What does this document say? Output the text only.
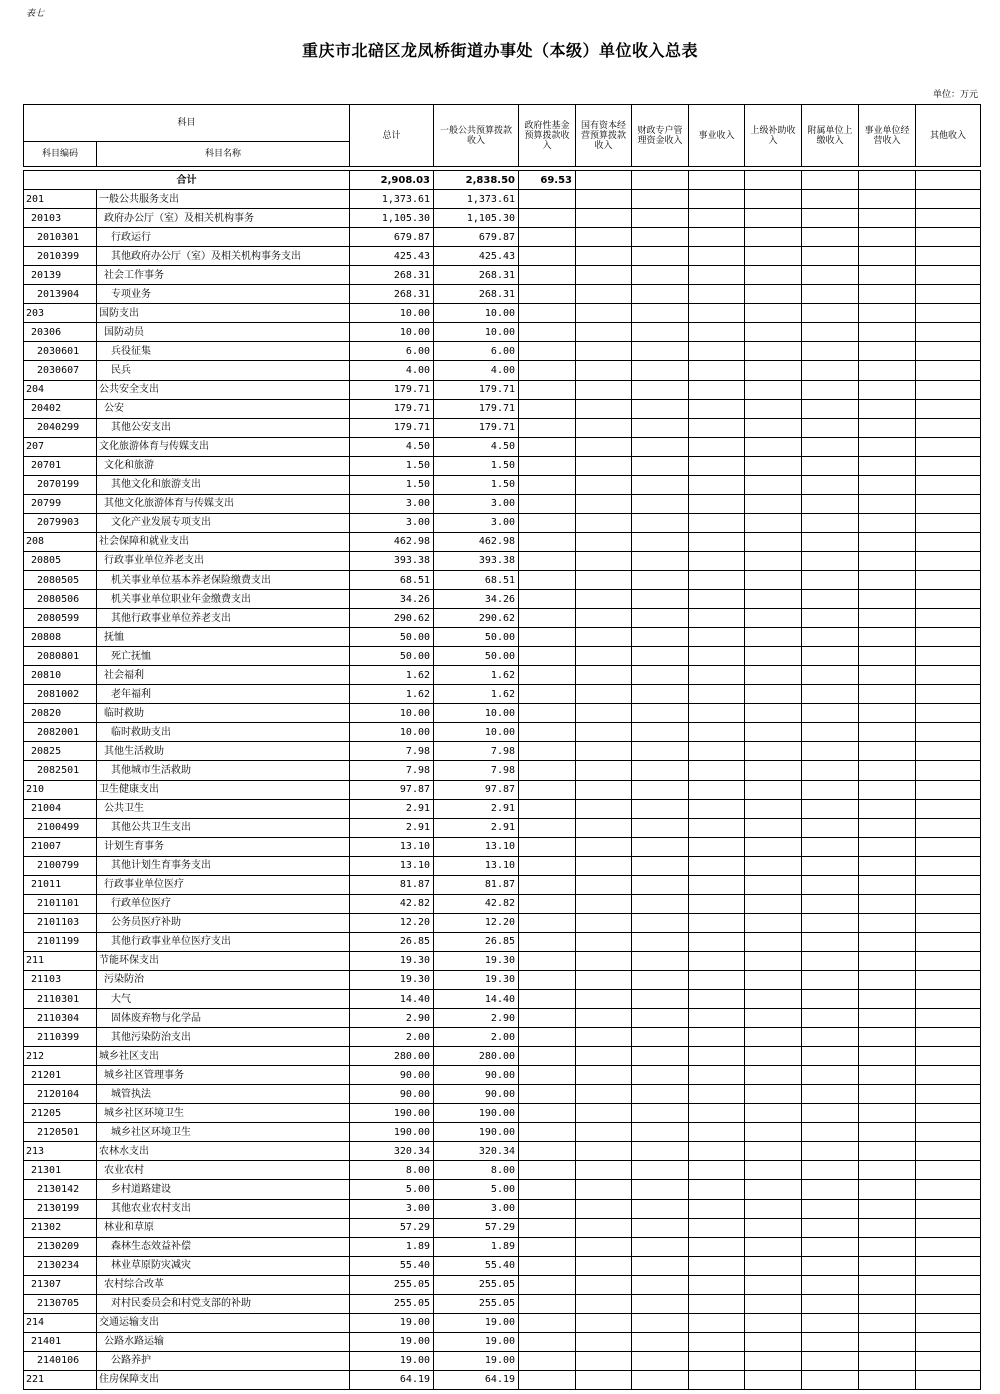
表七
重庆市北碚区龙凤桥街道办事处（本级）单位收入总表
单位：万元
科目		总计	一般公共预算拨款收入	政府性基金预算拨款收入	国有资本经营预算拨款收入	财政专户管理资金收入	事业收入	上级补助收入	附属单位上缴收入	事业单位经营收入	其他收入
科目编码	科目名称										

合计		2,908.03	2,838.50	69.53							
201	一般公共服务支出	1,373.61	1,373.61								
20103	政府办公厅（室）及相关机构事务	1,105.30	1,105.30								
2010301	行政运行	679.87	679.87								
2010399	其他政府办公厅（室）及相关机构事务支出	425.43	425.43								
20139	社会工作事务	268.31	268.31								
2013904	专项业务	268.31	268.31								
203	国防支出	10.00	10.00								
20306	国防动员	10.00	10.00								
2030601	兵役征集	6.00	6.00								
2030607	民兵	4.00	4.00								
204	公共安全支出	179.71	179.71								
20402	公安	179.71	179.71								
2040299	其他公安支出	179.71	179.71								
207	文化旅游体育与传媒支出	4.50	4.50								
20701	文化和旅游	1.50	1.50								
2070199	其他文化和旅游支出	1.50	1.50								
20799	其他文化旅游体育与传媒支出	3.00	3.00								
2079903	文化产业发展专项支出	3.00	3.00								
208	社会保障和就业支出	462.98	462.98								
20805	行政事业单位养老支出	393.38	393.38								
2080505	机关事业单位基本养老保险缴费支出	68.51	68.51								
2080506	机关事业单位职业年金缴费支出	34.26	34.26								
2080599	其他行政事业单位养老支出	290.62	290.62								
20808	抚恤	50.00	50.00								
2080801	死亡抚恤	50.00	50.00								
20810	社会福利	1.62	1.62								
2081002	老年福利	1.62	1.62								
20820	临时救助	10.00	10.00								
2082001	临时救助支出	10.00	10.00								
20825	其他生活救助	7.98	7.98								
2082501	其他城市生活救助	7.98	7.98								
210	卫生健康支出	97.87	97.87								
21004	公共卫生	2.91	2.91								
2100499	其他公共卫生支出	2.91	2.91								
21007	计划生育事务	13.10	13.10								
2100799	其他计划生育事务支出	13.10	13.10								
21011	行政事业单位医疗	81.87	81.87								
2101101	行政单位医疗	42.82	42.82								
2101103	公务员医疗补助	12.20	12.20								
2101199	其他行政事业单位医疗支出	26.85	26.85								
211	节能环保支出	19.30	19.30								
21103	污染防治	19.30	19.30								
2110301	大气	14.40	14.40								
2110304	固体废弃物与化学品	2.90	2.90								
2110399	其他污染防治支出	2.00	2.00								
212	城乡社区支出	280.00	280.00								
21201	城乡社区管理事务	90.00	90.00								
2120104	城管执法	90.00	90.00								
21205	城乡社区环境卫生	190.00	190.00								
2120501	城乡社区环境卫生	190.00	190.00								
213	农林水支出	320.34	320.34								
21301	农业农村	8.00	8.00								
2130142	乡村道路建设	5.00	5.00								
2130199	其他农业农村支出	3.00	3.00								
21302	林业和草原	57.29	57.29								
2130209	森林生态效益补偿	1.89	1.89								
2130234	林业草原防灾减灾	55.40	55.40								
21307	农村综合改革	255.05	255.05								
2130705	对村民委员会和村党支部的补助	255.05	255.05								
214	交通运输支出	19.00	19.00								
21401	公路水路运输	19.00	19.00								
2140106	公路养护	19.00	19.00								
221	住房保障支出	64.19	64.19								
